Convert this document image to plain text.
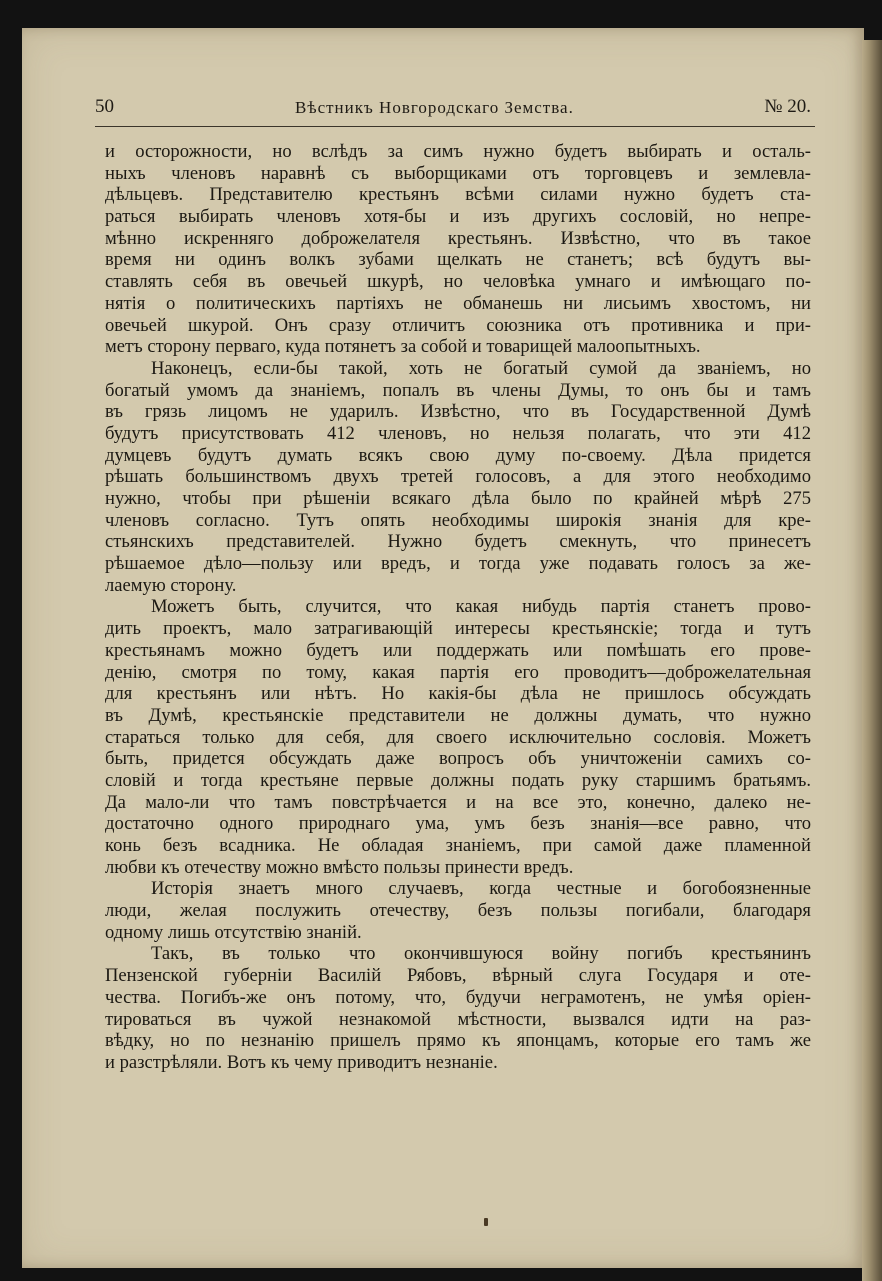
50	Вѣстникъ Новгородскаго Земства.	№ 20.
и осторожности, но вслѣдъ за симъ нужно будетъ выбирать и осталь-
ныхъ членовъ наравнѣ съ выборщиками отъ торговцевъ и землевла-
дѣльцевъ. Представителю крестьянъ всѣми силами нужно будетъ ста-
раться выбирать членовъ хотя-бы и изъ другихъ сословій, но непре-
мѣнно искренняго доброжелателя крестьянъ. Извѣстно, что въ такое
время ни одинъ волкъ зубами щелкать не станетъ; всѣ будутъ вы-
ставлять себя въ овечьей шкурѣ, но человѣка умнаго и имѣющаго по-
нятія о политическихъ партіяхъ не обманешь ни лисьимъ хвостомъ, ни
овечьей шкурой. Онъ сразу отличитъ союзника отъ противника и при-
метъ сторону перваго, куда потянетъ за собой и товарищей малоопытныхъ.
Наконецъ, если-бы такой, хоть не богатый сумой да званіемъ, но
богатый умомъ да знаніемъ, попалъ въ члены Думы, то онъ бы и тамъ
въ грязь лицомъ не ударилъ. Извѣстно, что въ Государственной Думѣ
будутъ присутствовать 412 членовъ, но нельзя полагать, что эти 412
думцевъ будутъ думать всякъ свою думу по-своему. Дѣла придется
рѣшать большинствомъ двухъ третей голосовъ, а для этого необходимо
нужно, чтобы при рѣшеніи всякаго дѣла было по крайней мѣрѣ 275
членовъ согласно. Тутъ опять необходимы широкія знанія для кре-
стьянскихъ представителей. Нужно будетъ смекнуть, что принесетъ
рѣшаемое дѣло—пользу или вредъ, и тогда уже подавать голосъ за же-
лаемую сторону.
Можетъ быть, случится, что какая нибудь партія станетъ прово-
дить проектъ, мало затрагивающій интересы крестьянскіе; тогда и тутъ
крестьянамъ можно будетъ или поддержать или помѣшать его прове-
денію, смотря по тому, какая партія его проводитъ—доброжелательная
для крестьянъ или нѣтъ. Но какія-бы дѣла не пришлось обсуждать
въ Думѣ, крестьянскіе представители не должны думать, что нужно
стараться только для себя, для своего исключительно сословія. Можетъ
быть, придется обсуждать даже вопросъ объ уничтоженіи самихъ со-
словій и тогда крестьяне первые должны подать руку старшимъ братьямъ.
Да мало-ли что тамъ повстрѣчается и на все это, конечно, далеко не-
достаточно одного природнаго ума, умъ безъ знанія—все равно, что
конь безъ всадника. Не обладая знаніемъ, при самой даже пламенной
любви къ отечеству можно вмѣсто пользы принести вредъ.
Исторія знаетъ много случаевъ, когда честные и богобоязненные
люди, желая послужить отечеству, безъ пользы погибали, благодаря
одному лишь отсутствію знаній.
Такъ, въ только что окончившуюся войну погибъ крестьянинъ
Пензенской губерніи Василій Рябовъ, вѣрный слуга Государя и оте-
чества. Погибъ-же онъ потому, что, будучи неграмотенъ, не умѣя оріен-
тироваться въ чужой незнакомой мѣстности, вызвался идти на раз-
вѣдку, но по незнанію пришелъ прямо къ японцамъ, которые его тамъ же
и разстрѣляли. Вотъ къ чему приводитъ незнаніе.
